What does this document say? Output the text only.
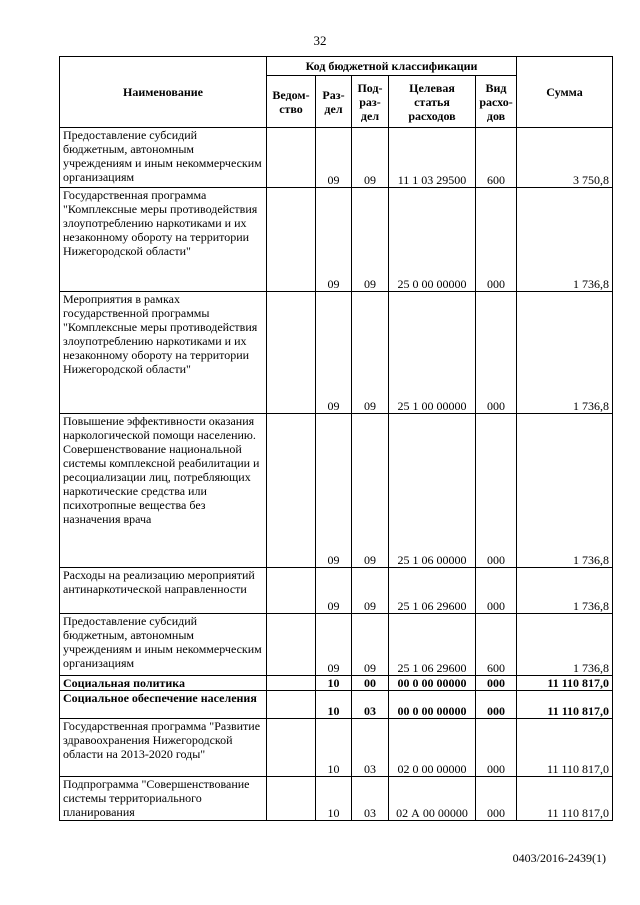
32
Наименование	Код бюджетной классификации					Сумма
	Ведом-ство	Раз-дел	Под-раз-дел	Целевая статья расходов	Вид расхо-дов	
Предоставление субсидий бюджетным, автономным учреждениям и иным некоммерческим организациям		09	09	11 1 03 29500	600	3 750,8
Государственная программа "Комплексные меры противодействия злоупотреблению наркотиками и их незаконному обороту на территории Нижегородской области"		09	09	25 0 00 00000	000	1 736,8
Мероприятия в рамках государственной программы "Комплексные меры противодействия злоупотреблению наркотиками и их незаконному обороту на территории Нижегородской области"		09	09	25 1 00 00000	000	1 736,8
Повышение эффективности оказания наркологической помощи населению. Совершенствование национальной системы комплексной реабилитации и ресоциализации лиц, потребляющих наркотические средства или психотропные вещества без назначения врача		09	09	25 1 06 00000	000	1 736,8
Расходы на реализацию мероприятий антинаркотической направленности		09	09	25 1 06 29600	000	1 736,8
Предоставление субсидий бюджетным, автономным учреждениям и иным некоммерческим организациям		09	09	25 1 06 29600	600	1 736,8
Социальная политика		10	00	00 0 00 00000	000	11 110 817,0
Социальное обеспечение населения		10	03	00 0 00 00000	000	11 110 817,0
Государственная программа "Развитие здравоохранения Нижегородской области на 2013-2020 годы"		10	03	02 0 00 00000	000	11 110 817,0
Подпрограмма "Совершенствование системы территориального планирования		10	03	02 А 00 00000	000	11 110 817,0
0403/2016-2439(1)
